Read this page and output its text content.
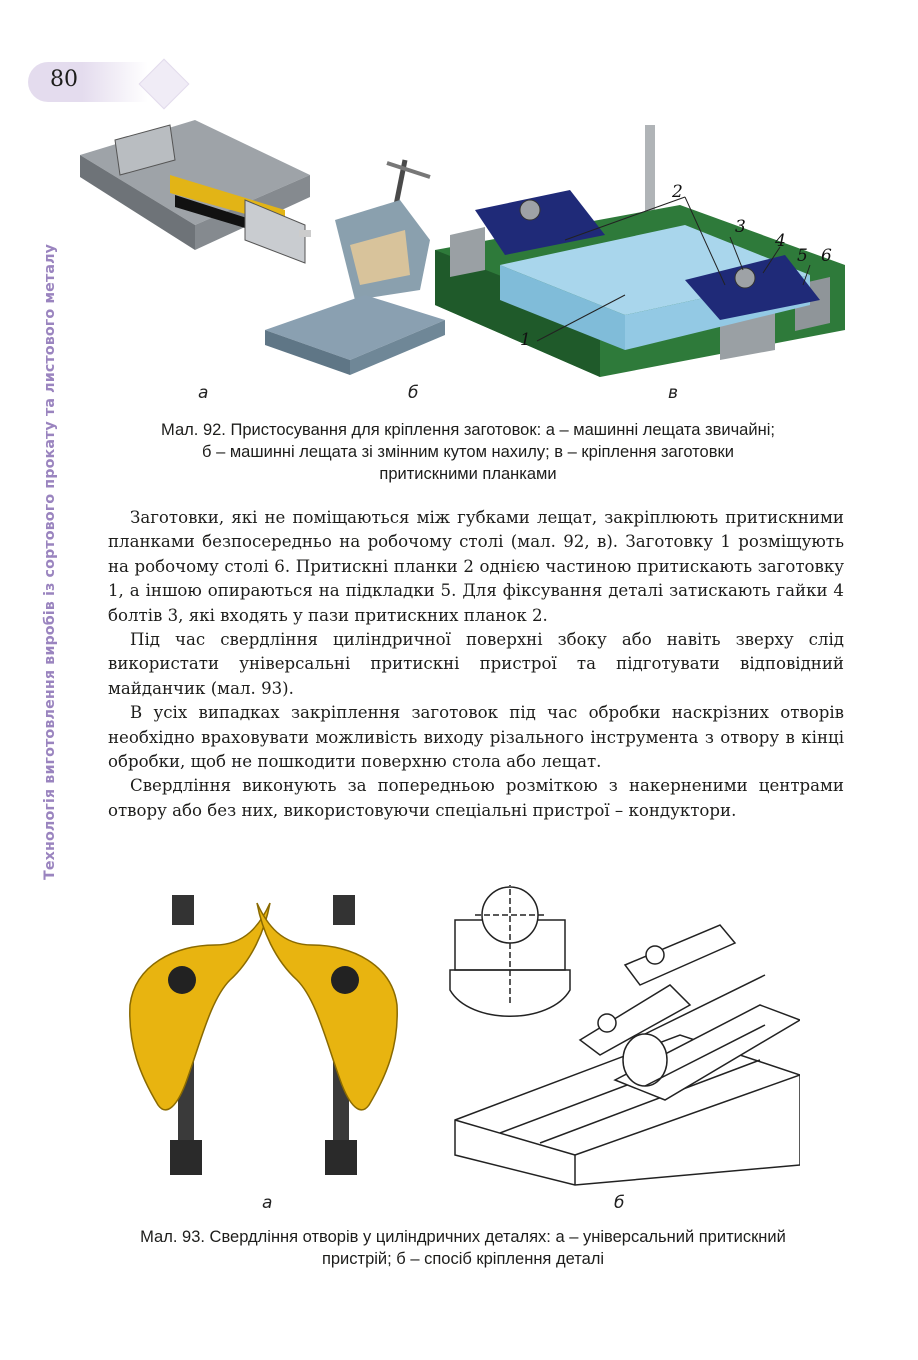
80
Технологія виготовлення виробів із сортового прокату та листового металу
2
3
4
5 6
1
а	б	в
Мал. 92. Пристосування для кріплення заготовок: а – машинні лещата звичайні;
б – машинні лещата зі змінним кутом нахилу; в – кріплення заготовки
притискними планками

Заготовки, які не поміщаються між губками лещат, закріплюють притискними планками безпосередньо на робочому столі (мал. 92, в). Заготовку 1 розміщують на робочому столі 6. Притискні планки 2 однією частиною притискають заготовку 1, а іншою опираються на підкладки 5. Для фіксування деталі затискають гайки 4 болтів 3, які входять у пази притискних планок 2.

Під час свердління циліндричної поверхні збоку або навіть зверху слід використати універсальні притискні пристрої та підготувати відповідний майданчик (мал. 93).

В усіх випадках закріплення заготовок під час обробки наскрізних отворів необхідно враховувати можливість виходу різального інструмента з отвору в кінці обробки, щоб не пошкодити поверхню стола або лещат.

Свердління виконують за попередньою розміткою з накерненими центрами отвору або без них, використовуючи спеціальні пристрої – кондуктори.

а	б
Мал. 93. Свердління отворів у циліндричних деталях: а – універсальний притискний
пристрій; б – спосіб кріплення деталі
